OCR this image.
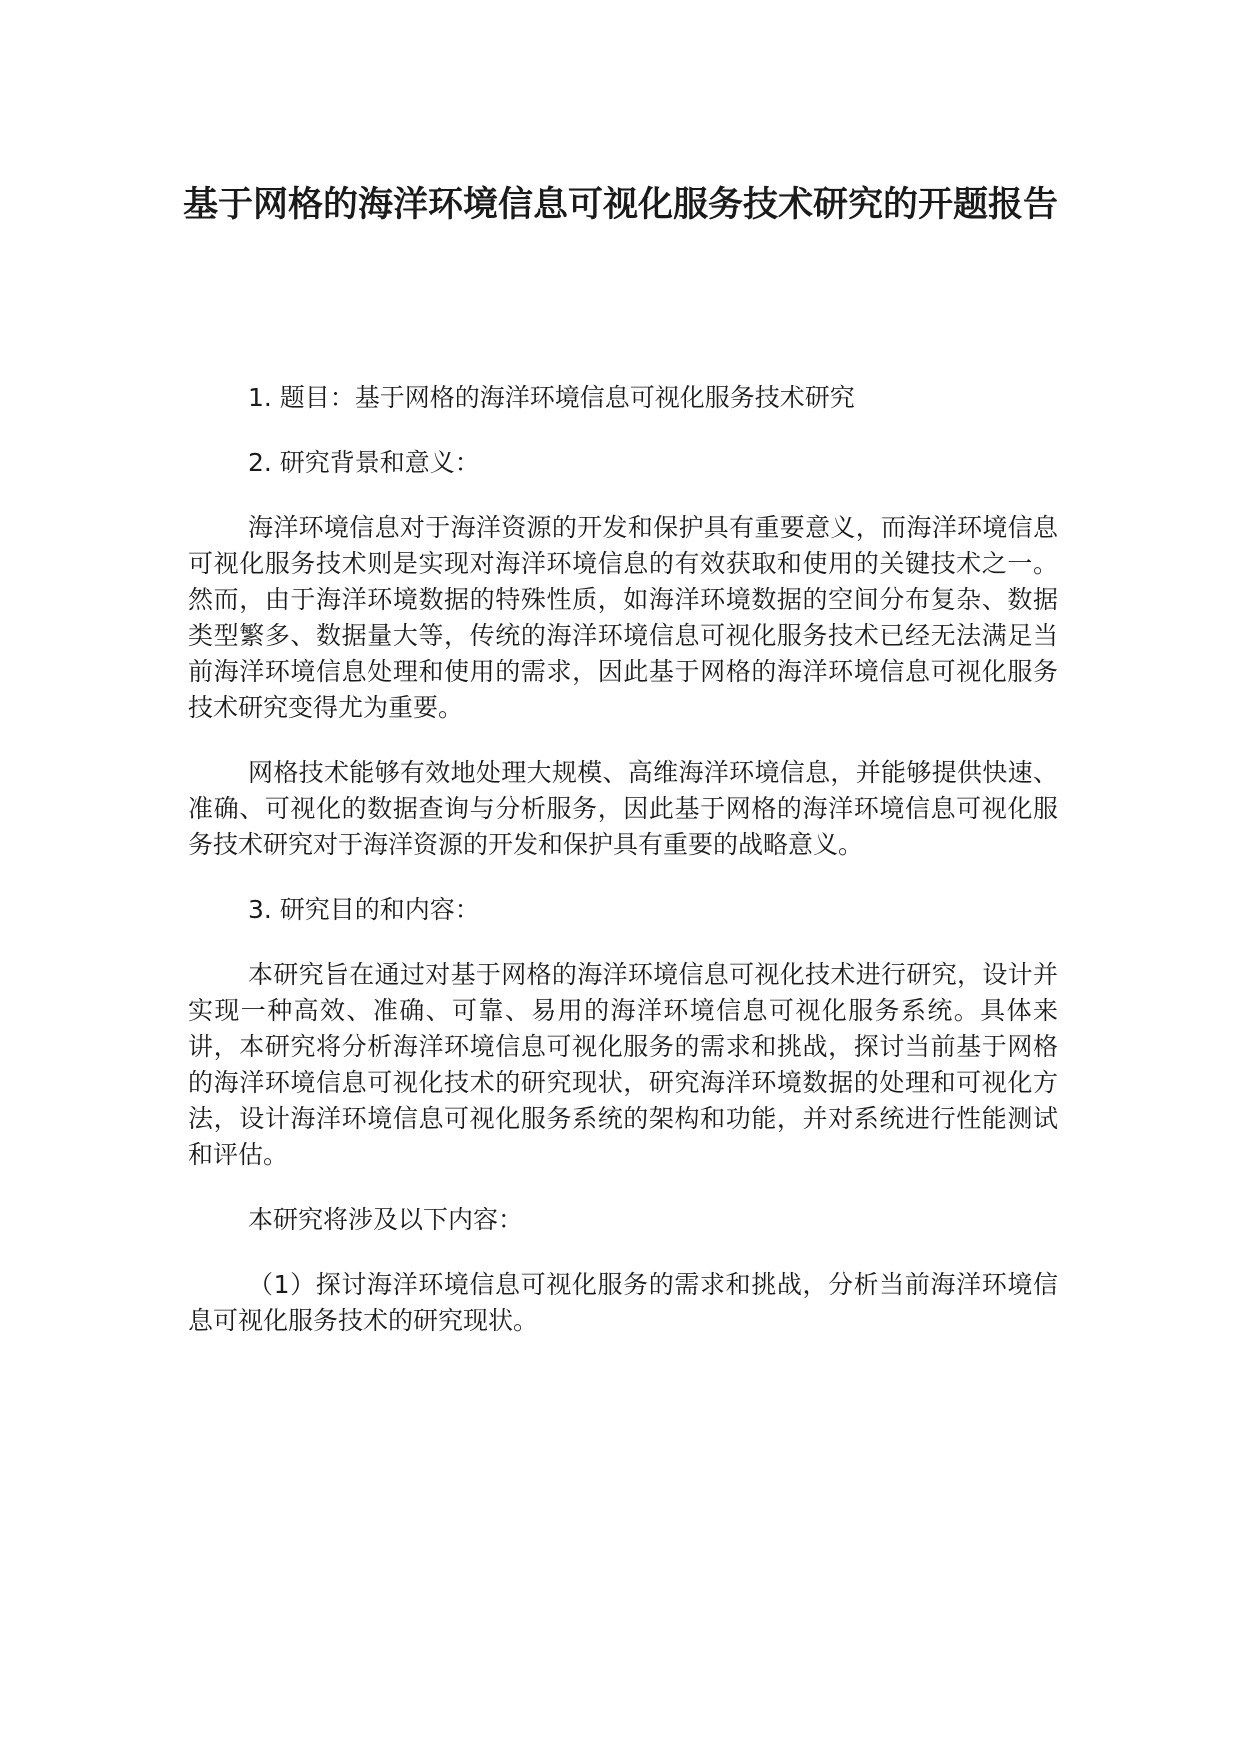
基于网格的海洋环境信息可视化服务技术研究的开题报告

1. 题目：基于网格的海洋环境信息可视化服务技术研究

2. 研究背景和意义：

海洋环境信息对于海洋资源的开发和保护具有重要意义，而海洋环境信息可视化服务技术则是实现对海洋环境信息的有效获取和使用的关键技术之一。然而，由于海洋环境数据的特殊性质，如海洋环境数据的空间分布复杂、数据类型繁多、数据量大等，传统的海洋环境信息可视化服务技术已经无法满足当前海洋环境信息处理和使用的需求，因此基于网格的海洋环境信息可视化服务技术研究变得尤为重要。

网格技术能够有效地处理大规模、高维海洋环境信息，并能够提供快速、准确、可视化的数据查询与分析服务，因此基于网格的海洋环境信息可视化服务技术研究对于海洋资源的开发和保护具有重要的战略意义。

3. 研究目的和内容：

本研究旨在通过对基于网格的海洋环境信息可视化技术进行研究，设计并实现一种高效、准确、可靠、易用的海洋环境信息可视化服务系统。具体来讲，本研究将分析海洋环境信息可视化服务的需求和挑战，探讨当前基于网格的海洋环境信息可视化技术的研究现状，研究海洋环境数据的处理和可视化方法，设计海洋环境信息可视化服务系统的架构和功能，并对系统进行性能测试和评估。

本研究将涉及以下内容：

（1）探讨海洋环境信息可视化服务的需求和挑战，分析当前海洋环境信息可视化服务技术的研究现状。
